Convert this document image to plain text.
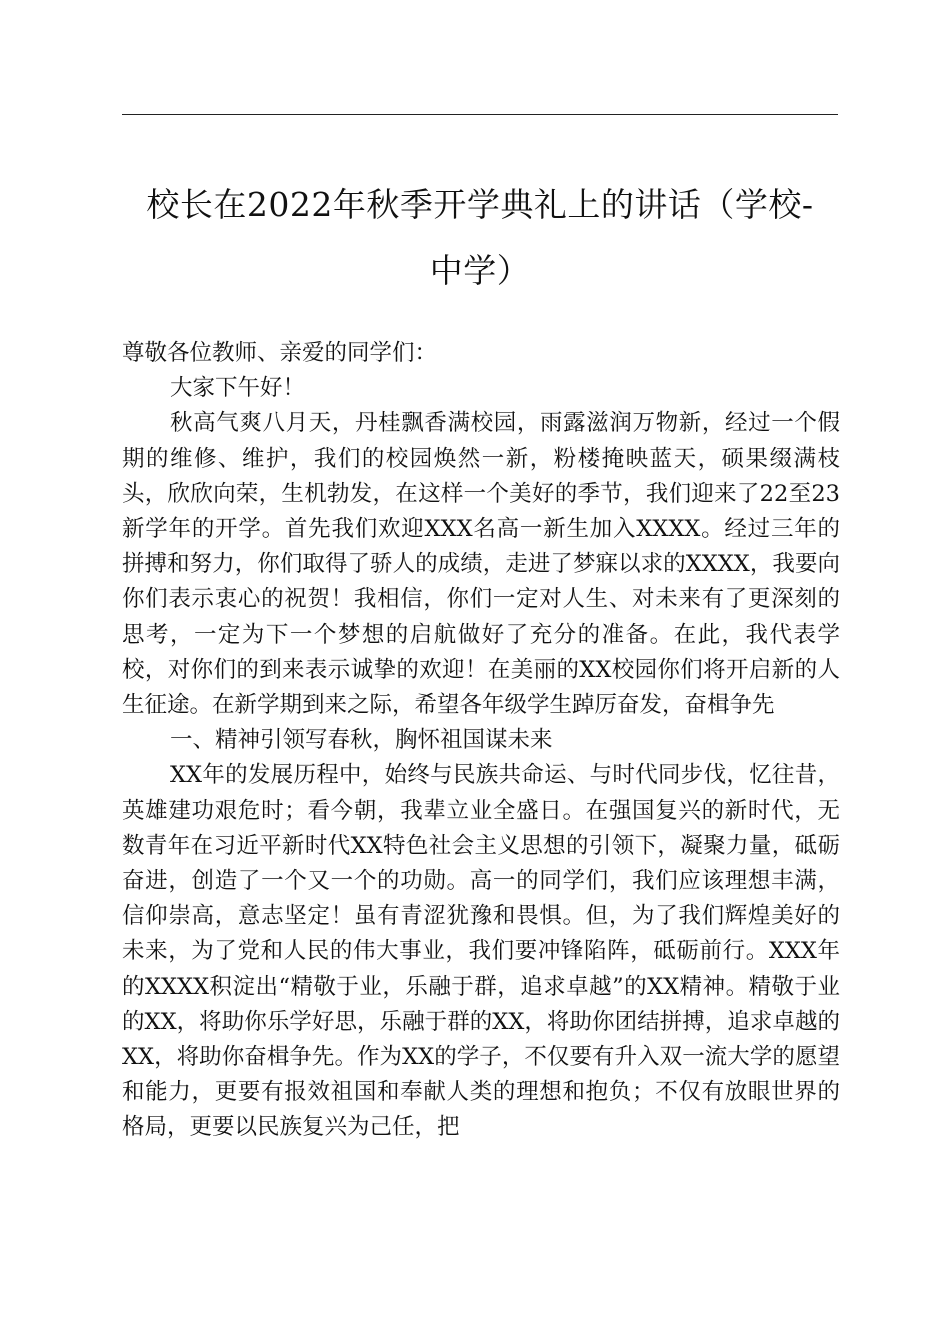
校长在2022年秋季开学典礼上的讲话（学校-
中学）

尊敬各位教师、亲爱的同学们：

大家下午好！

秋高气爽八月天，丹桂飘香满校园，雨露滋润万物新，经过一个假期的维修、维护，我们的校园焕然一新，粉楼掩映蓝天，硕果缀满枝头，欣欣向荣，生机勃发，在这样一个美好的季节，我们迎来了22至23新学年的开学。首先我们欢迎XXX名高一新生加入XXXX。经过三年的拼搏和努力，你们取得了骄人的成绩，走进了梦寐以求的XXXX，我要向你们表示衷心的祝贺！我相信，你们一定对人生、对未来有了更深刻的思考，一定为下一个梦想的启航做好了充分的准备。在此，我代表学校，对你们的到来表示诚挚的欢迎！在美丽的XX校园你们将开启新的人生征途。在新学期到来之际，希望各年级学生踔厉奋发，奋楫争先

一、精神引领写春秋，胸怀祖国谋未来

XX年的发展历程中，始终与民族共命运、与时代同步伐，忆往昔，英雄建功艰危时；看今朝，我辈立业全盛日。在强国复兴的新时代，无数青年在习近平新时代XX特色社会主义思想的引领下，凝聚力量，砥砺奋进，创造了一个又一个的功勋。高一的同学们，我们应该理想丰满，信仰崇高，意志坚定！虽有青涩犹豫和畏惧。但，为了我们辉煌美好的未来，为了党和人民的伟大事业，我们要冲锋陷阵，砥砺前行。XXX年的XXXX积淀出“精敬于业，乐融于群，追求卓越”的XX精神。精敬于业的XX，将助你乐学好思，乐融于群的XX，将助你团结拼搏，追求卓越的XX，将助你奋楫争先。作为XX的学子，不仅要有升入双一流大学的愿望和能力，更要有报效祖国和奉献人类的理想和抱负；不仅有放眼世界的格局，更要以民族复兴为己任，把
